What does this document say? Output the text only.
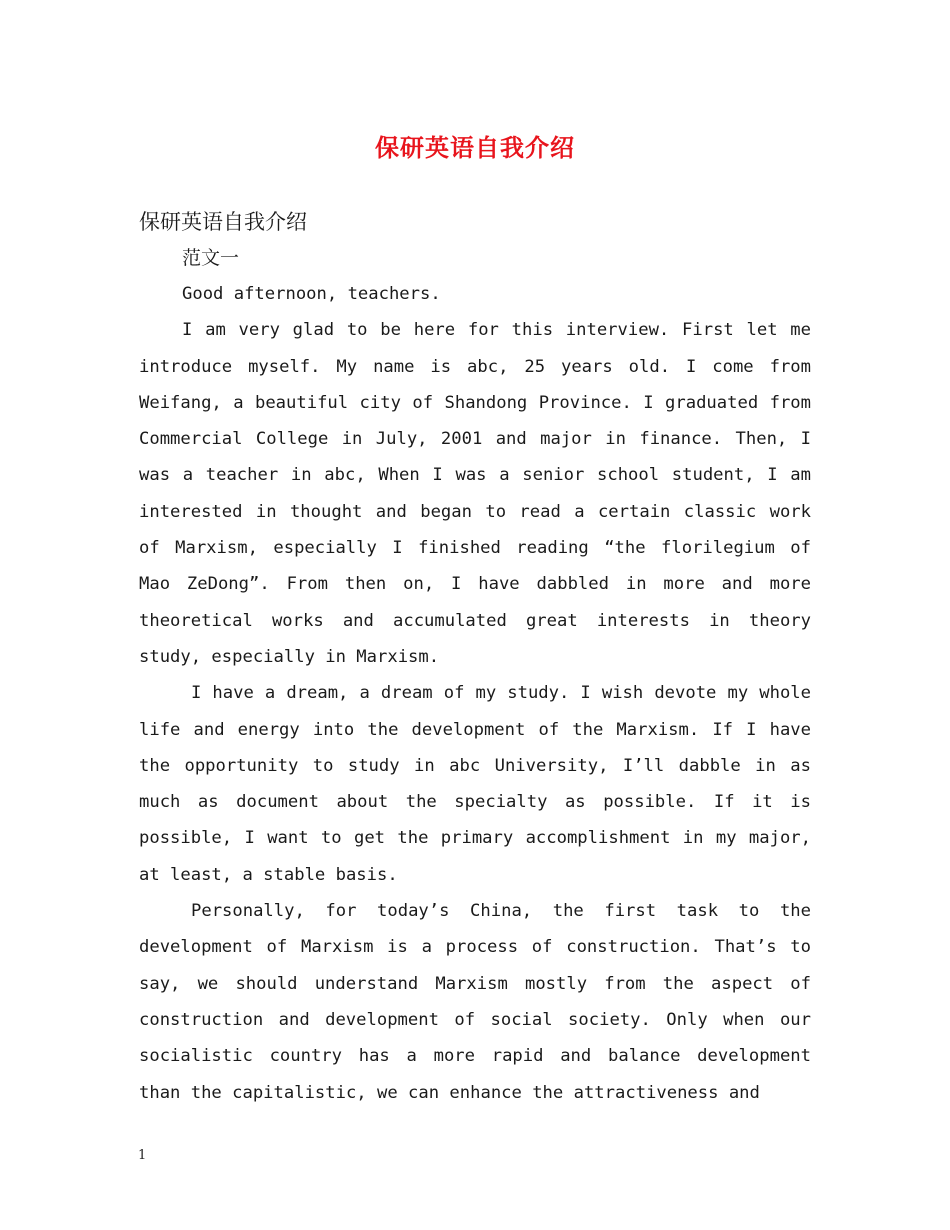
保研英语自我介绍

保研英语自我介绍

范文一

Good afternoon, teachers.

I am very glad to be here for this interview. First let me introduce myself. My name is abc, 25 years old. I come from Weifang, a beautiful city of Shandong Province. I graduated from Commercial College in July, 2001 and major in finance. Then, I was a teacher in abc, When I was a senior school student, I am interested in thought and began to read a certain classic work of Marxism, especially I finished reading “the florilegium of Mao ZeDong”. From then on, I have dabbled in more and more theoretical works and accumulated great interests in theory study, especially in Marxism.

I have a dream, a dream of my study. I wish devote my whole life and energy into the development of the Marxism. If I have the opportunity to study in abc University, I’ll dabble in as much as document about the specialty as possible. If it is possible, I want to get the primary accomplishment in my major, at least, a stable basis.

Personally, for today’s China, the first task to the development of Marxism is a process of construction. That’s to say, we should understand Marxism mostly from the aspect of construction and development of social society. Only when our socialistic country has a more rapid and balance development than the capitalistic, we can enhance the attractiveness and

1
